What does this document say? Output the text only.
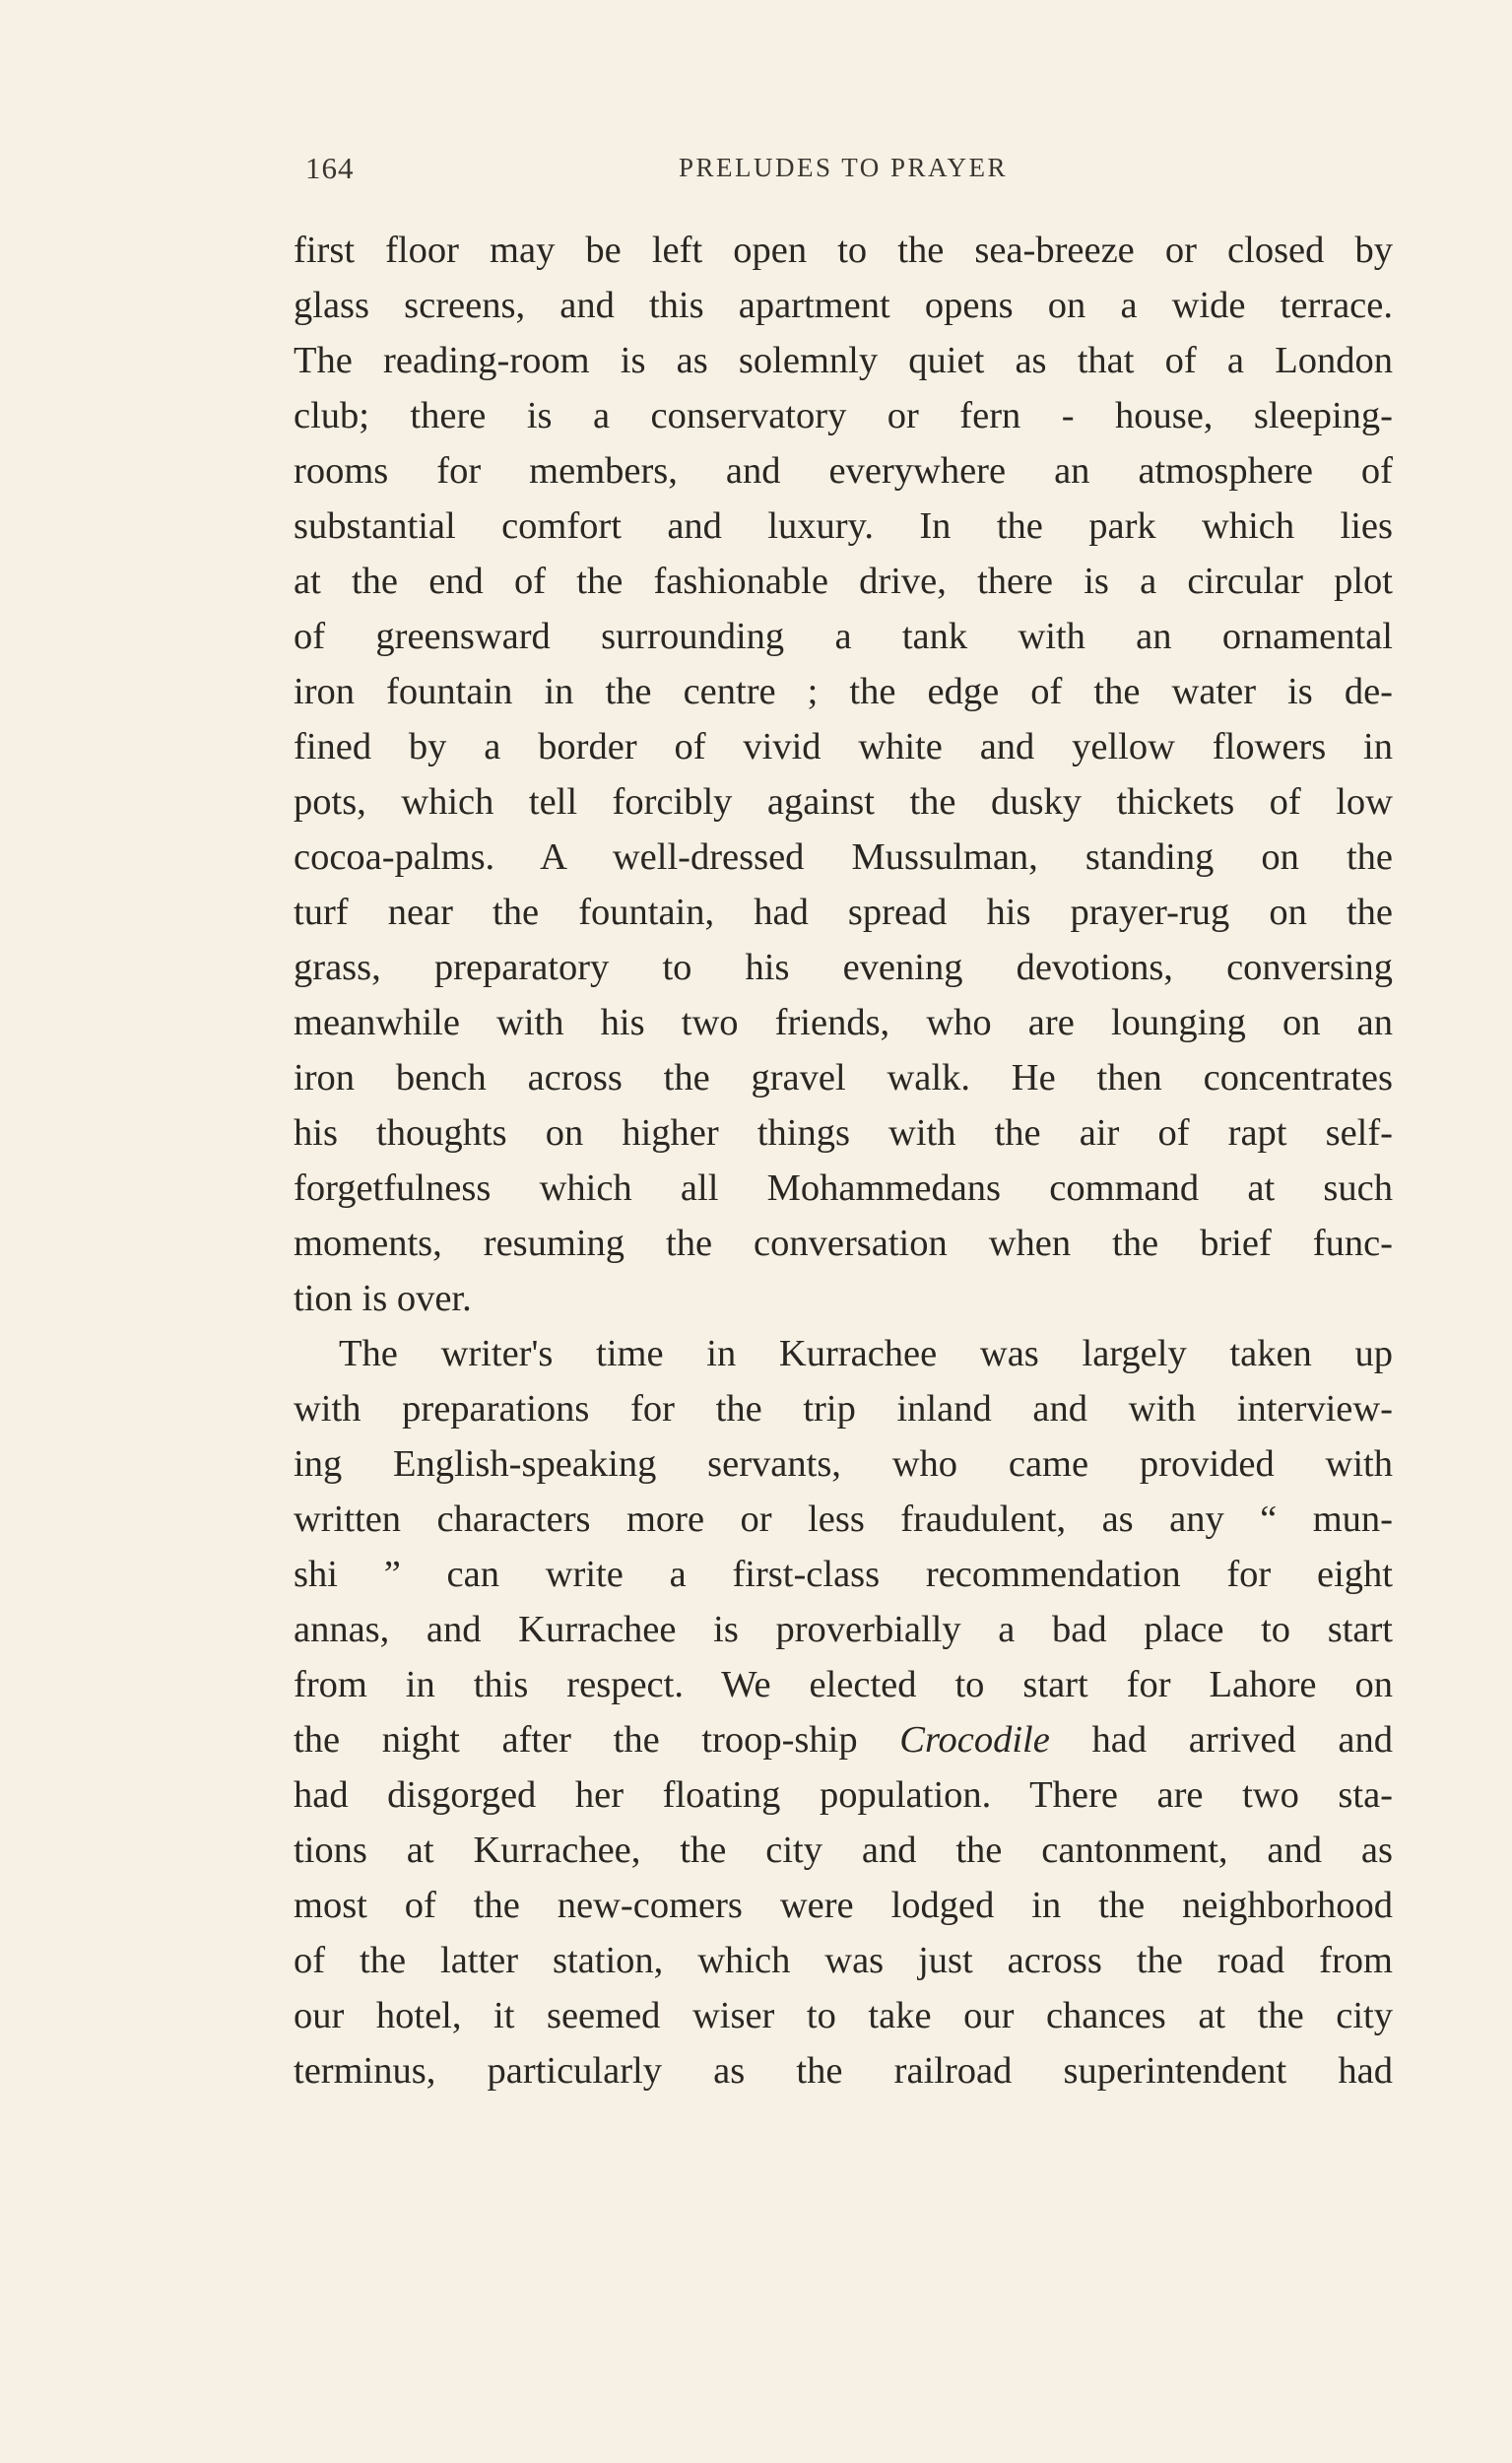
164	PRELUDES TO PRAYER
first floor may be left open to the sea-breeze or closed by
glass screens, and this apartment opens on a wide terrace.
The reading-room is as solemnly quiet as that of a London
club; there is a conservatory or fern - house, sleeping-
rooms for members, and everywhere an atmosphere of
substantial comfort and luxury. In the park which lies
at the end of the fashionable drive, there is a circular plot
of greensward surrounding a tank with an ornamental
iron fountain in the centre ; the edge of the water is de-
fined by a border of vivid white and yellow flowers in
pots, which tell forcibly against the dusky thickets of low
cocoa-palms. A well-dressed Mussulman, standing on the
turf near the fountain, had spread his prayer-rug on the
grass, preparatory to his evening devotions, conversing
meanwhile with his two friends, who are lounging on an
iron bench across the gravel walk. He then concentrates
his thoughts on higher things with the air of rapt self-
forgetfulness which all Mohammedans command at such
moments, resuming the conversation when the brief func-
tion is over.
The writer's time in Kurrachee was largely taken up
with preparations for the trip inland and with interview-
ing English-speaking servants, who came provided with
written characters more or less fraudulent, as any “ mun-
shi ” can write a first-class recommendation for eight
annas, and Kurrachee is proverbially a bad place to start
from in this respect. We elected to start for Lahore on
the night after the troop-ship Crocodile had arrived and
had disgorged her floating population. There are two sta-
tions at Kurrachee, the city and the cantonment, and as
most of the new-comers were lodged in the neighborhood
of the latter station, which was just across the road from
our hotel, it seemed wiser to take our chances at the city
terminus, particularly as the railroad superintendent had
